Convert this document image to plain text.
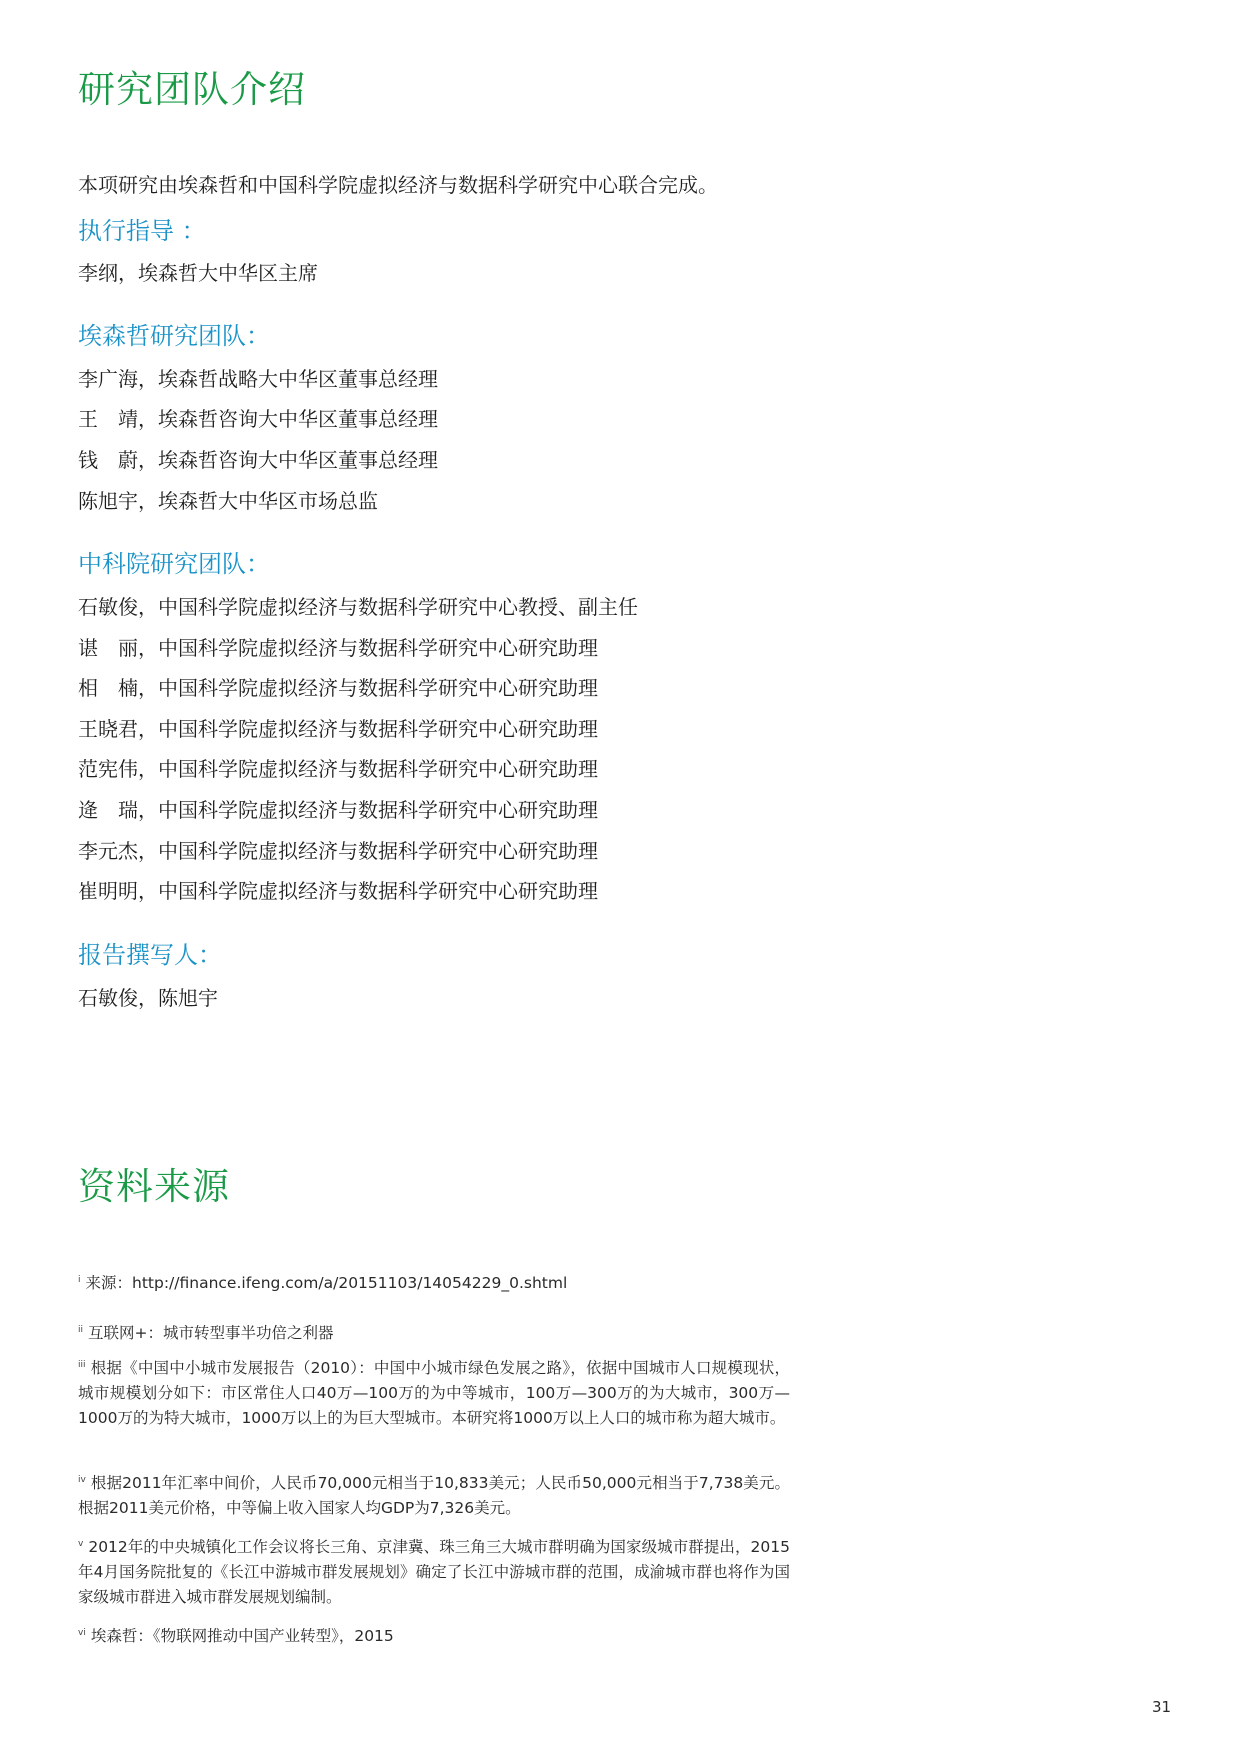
研究团队介绍

本项研究由埃森哲和中国科学院虚拟经济与数据科学研究中心联合完成。

执行指导 ：

李纲，埃森哲大中华区主席

埃森哲研究团队：

李广海，埃森哲战略大中华区董事总经理

王　靖，埃森哲咨询大中华区董事总经理

钱　蔚，埃森哲咨询大中华区董事总经理

陈旭宇，埃森哲大中华区市场总监

中科院研究团队：

石敏俊，中国科学院虚拟经济与数据科学研究中心教授、副主任

谌　丽，中国科学院虚拟经济与数据科学研究中心研究助理

相　楠，中国科学院虚拟经济与数据科学研究中心研究助理

王晓君，中国科学院虚拟经济与数据科学研究中心研究助理

范宪伟，中国科学院虚拟经济与数据科学研究中心研究助理

逄　瑞，中国科学院虚拟经济与数据科学研究中心研究助理

李元杰，中国科学院虚拟经济与数据科学研究中心研究助理

崔明明，中国科学院虚拟经济与数据科学研究中心研究助理

报告撰写人：

石敏俊，陈旭宇

资料来源

$^i$ 来源：http://finance.ifeng.com/a/20151103/14054229_0.shtml

$^{ii}$ 互联网+：城市转型事半功倍之利器

$^{iii}$ 根据《中国中小城市发展报告（2010）：中国中小城市绿色发展之路》，依据中国城市人口规模现状，城市规模划分如下：市区常住人口40万—100万的为中等城市，100万—300万的为大城市，300万—1000万的为特大城市，1000万以上的为巨大型城市。本研究将1000万以上人口的城市称为超大城市。

$^{iv}$ 根据2011年汇率中间价，人民币70,000元相当于10,833美元；人民币50,000元相当于7,738美元。根据2011美元价格，中等偏上收入国家人均GDP为7,326美元。

$^v$ 2012年的中央城镇化工作会议将长三角、京津冀、珠三角三大城市群明确为国家级城市群提出，2015年4月国务院批复的《长江中游城市群发展规划》确定了长江中游城市群的范围，成渝城市群也将作为国家级城市群进入城市群发展规划编制。

$^{vi}$ 埃森哲：《物联网推动中国产业转型》，2015

31
